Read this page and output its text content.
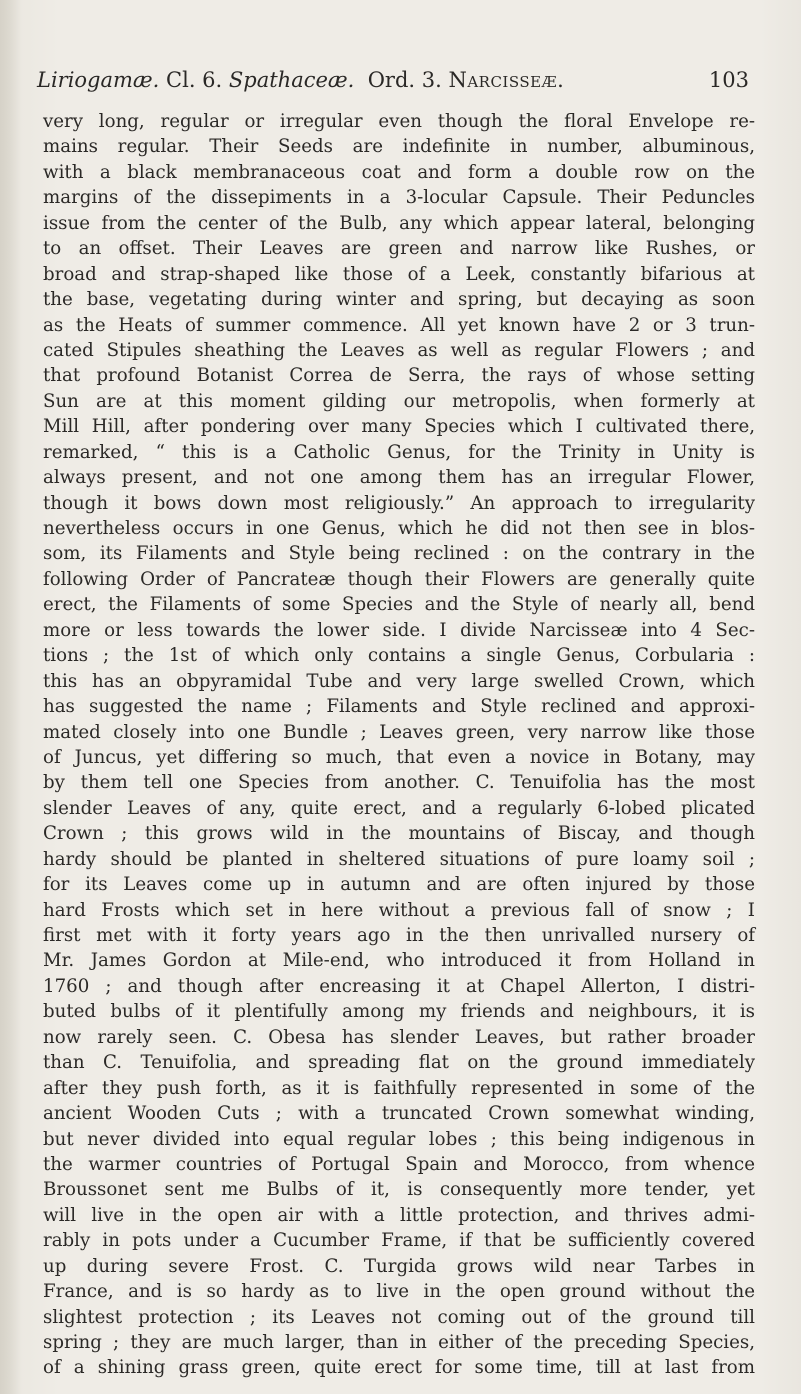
Liriogamæ. Cl. 6. Spathaceæ. Ord. 3. Narcisseæ.	103
very long, regular or irregular even though the floral Envelope re-
mains regular. Their Seeds are indefinite in number, albuminous,
with a black membranaceous coat and form a double row on the
margins of the dissepiments in a 3-locular Capsule. Their Peduncles
issue from the center of the Bulb, any which appear lateral, belonging
to an offset. Their Leaves are green and narrow like Rushes, or
broad and strap-shaped like those of a Leek, constantly bifarious at
the base, vegetating during winter and spring, but decaying as soon
as the Heats of summer commence. All yet known have 2 or 3 trun-
cated Stipules sheathing the Leaves as well as regular Flowers ; and
that profound Botanist Correa de Serra, the rays of whose setting
Sun are at this moment gilding our metropolis, when formerly at
Mill Hill, after pondering over many Species which I cultivated there,
remarked, “ this is a Catholic Genus, for the Trinity in Unity is
always present, and not one among them has an irregular Flower,
though it bows down most religiously.” An approach to irregularity
nevertheless occurs in one Genus, which he did not then see in blos-
som, its Filaments and Style being reclined : on the contrary in the
following Order of Pancrateæ though their Flowers are generally quite
erect, the Filaments of some Species and the Style of nearly all, bend
more or less towards the lower side. I divide Narcisseæ into 4 Sec-
tions ; the 1st of which only contains a single Genus, Corbularia :
this has an obpyramidal Tube and very large swelled Crown, which
has suggested the name ; Filaments and Style reclined and approxi-
mated closely into one Bundle ; Leaves green, very narrow like those
of Juncus, yet differing so much, that even a novice in Botany, may
by them tell one Species from another. C. Tenuifolia has the most
slender Leaves of any, quite erect, and a regularly 6-lobed plicated
Crown ; this grows wild in the mountains of Biscay, and though
hardy should be planted in sheltered situations of pure loamy soil ;
for its Leaves come up in autumn and are often injured by those
hard Frosts which set in here without a previous fall of snow ; I
first met with it forty years ago in the then unrivalled nursery of
Mr. James Gordon at Mile-end, who introduced it from Holland in
1760 ; and though after encreasing it at Chapel Allerton, I distri-
buted bulbs of it plentifully among my friends and neighbours, it is
now rarely seen. C. Obesa has slender Leaves, but rather broader
than C. Tenuifolia, and spreading flat on the ground immediately
after they push forth, as it is faithfully represented in some of the
ancient Wooden Cuts ; with a truncated Crown somewhat winding,
but never divided into equal regular lobes ; this being indigenous in
the warmer countries of Portugal Spain and Morocco, from whence
Broussonet sent me Bulbs of it, is consequently more tender, yet
will live in the open air with a little protection, and thrives admi-
rably in pots under a Cucumber Frame, if that be sufficiently covered
up during severe Frost. C. Turgida grows wild near Tarbes in
France, and is so hardy as to live in the open ground without the
slightest protection ; its Leaves not coming out of the ground till
spring ; they are much larger, than in either of the preceding Species,
of a shining grass green, quite erect for some time, till at last from
